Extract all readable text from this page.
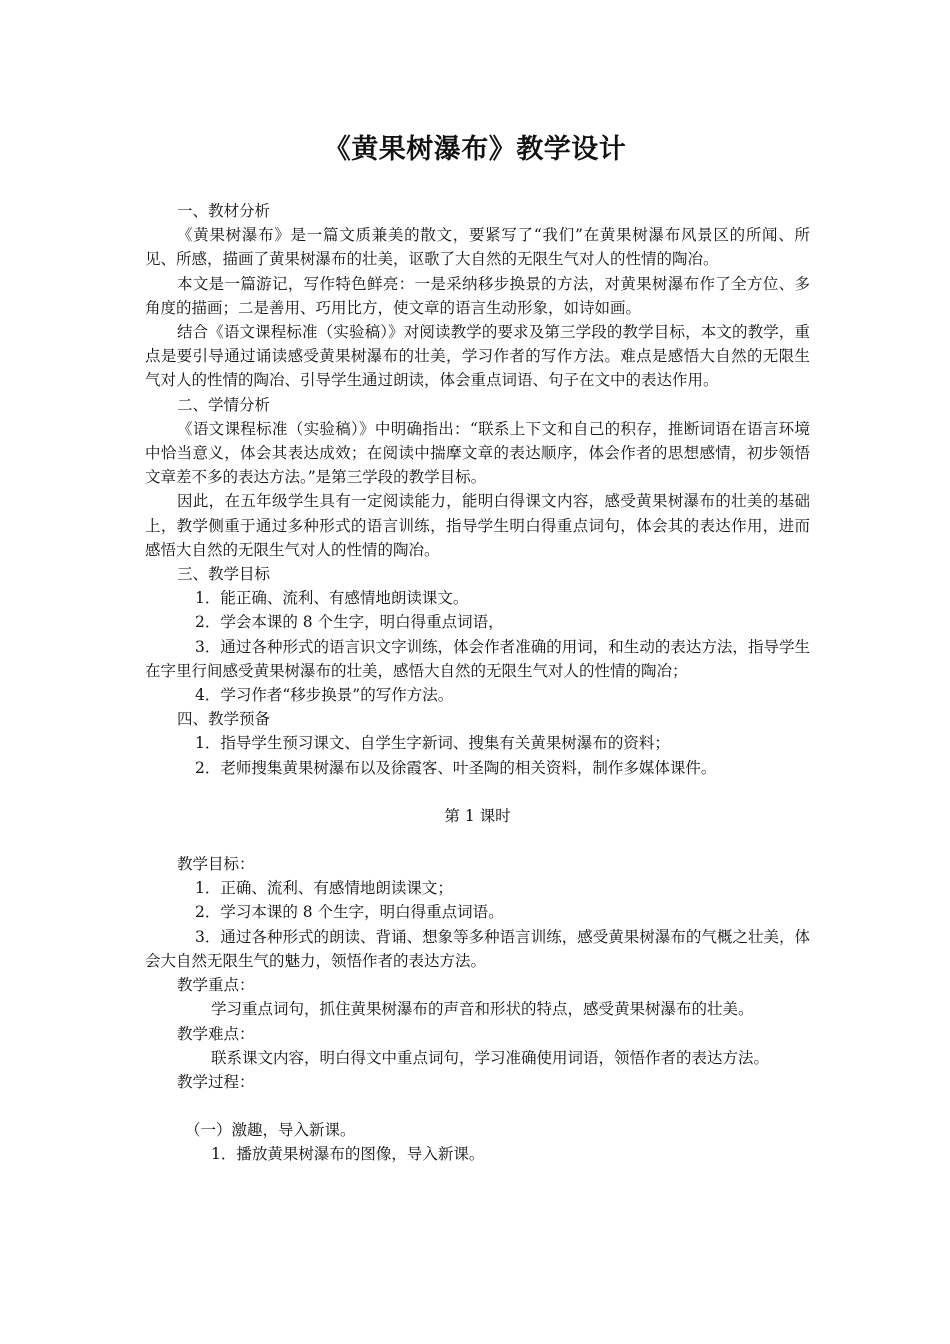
《黄果树瀑布》教学设计

一、教材分析

《黄果树瀑布》是一篇文质兼美的散文，要紧写了“我们”在黄果树瀑布风景区的所闻、所见、所感，描画了黄果树瀑布的壮美，讴歌了大自然的无限生气对人的性情的陶冶。

本文是一篇游记，写作特色鲜亮：一是采纳移步换景的方法，对黄果树瀑布作了全方位、多角度的描画；二是善用、巧用比方，使文章的语言生动形象，如诗如画。

结合《语文课程标准（实验稿）》对阅读教学的要求及第三学段的教学目标，本文的教学，重点是要引导通过诵读感受黄果树瀑布的壮美，学习作者的写作方法。难点是感悟大自然的无限生气对人的性情的陶冶、引导学生通过朗读，体会重点词语、句子在文中的表达作用。

二、学情分析

《语文课程标准（实验稿）》中明确指出：“联系上下文和自己的积存，推断词语在语言环境中恰当意义，体会其表达成效；在阅读中揣摩文章的表达顺序，体会作者的思想感情，初步领悟文章差不多的表达方法。”是第三学段的教学目标。

因此，在五年级学生具有一定阅读能力，能明白得课文内容，感受黄果树瀑布的壮美的基础上，教学侧重于通过多种形式的语言训练，指导学生明白得重点词句，体会其的表达作用，进而感悟大自然的无限生气对人的性情的陶冶。

三、教学目标

1．能正确、流利、有感情地朗读课文。

2．学会本课的 8 个生字，明白得重点词语，

3．通过各种形式的语言识文字训练，体会作者准确的用词，和生动的表达方法，指导学生在字里行间感受黄果树瀑布的壮美，感悟大自然的无限生气对人的性情的陶冶；

4．学习作者“移步换景”的写作方法。

四、教学预备

1．指导学生预习课文、自学生字新词、搜集有关黄果树瀑布的资料；

2．老师搜集黄果树瀑布以及徐霞客、叶圣陶的相关资料，制作多媒体课件。

第 1 课时

教学目标：

1．正确、流利、有感情地朗读课文；

2．学习本课的 8 个生字，明白得重点词语。

3．通过各种形式的朗读、背诵、想象等多种语言训练，感受黄果树瀑布的气概之壮美，体会大自然无限生气的魅力，领悟作者的表达方法。

教学重点：

学习重点词句，抓住黄果树瀑布的声音和形状的特点，感受黄果树瀑布的壮美。

教学难点：

联系课文内容，明白得文中重点词句，学习准确使用词语，领悟作者的表达方法。

教学过程：

（一）激趣，导入新课。

1．播放黄果树瀑布的图像，导入新课。
